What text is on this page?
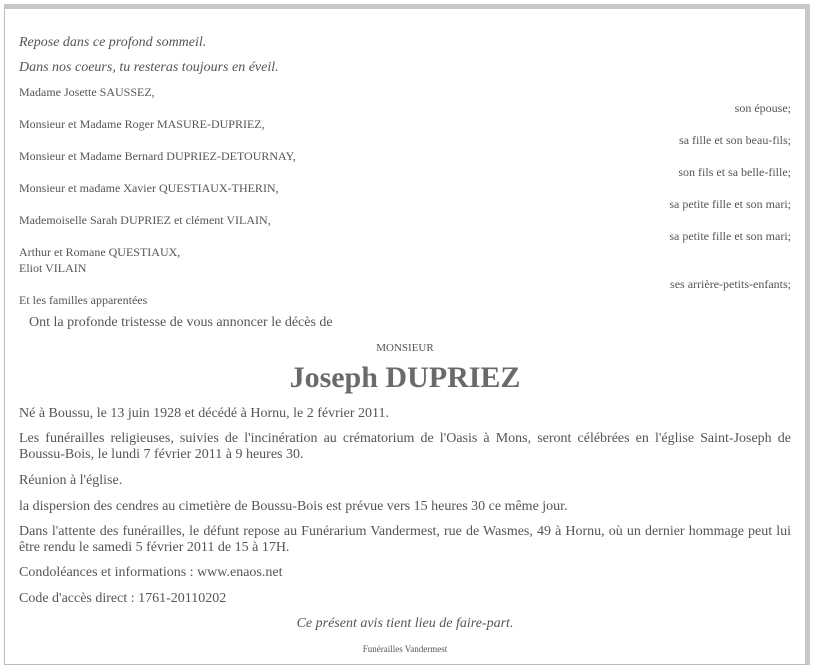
Repose dans ce profond sommeil.

Dans nos coeurs, tu resteras toujours en éveil.

Madame Josette SAUSSEZ,
son épouse;
Monsieur et Madame Roger MASURE-DUPRIEZ,
sa fille et son beau-fils;
Monsieur et Madame Bernard DUPRIEZ-DETOURNAY,
son fils et sa belle-fille;
Monsieur et madame Xavier QUESTIAUX-THERIN,
sa petite fille et son mari;
Mademoiselle Sarah DUPRIEZ et clément VILAIN,
sa petite fille et son mari;
Arthur et Romane QUESTIAUX,
Eliot VILAIN
ses arrière-petits-enfants;
Et les familles apparentées
Ont la profonde tristesse de vous annoncer le décès de
MONSIEUR
Joseph DUPRIEZ
Né à Boussu, le 13 juin 1928 et décédé à Hornu, le 2 février 2011.
Les funérailles religieuses, suivies de l'incinération au crématorium de l'Oasis à Mons, seront célébrées en l'église Saint-Joseph de Boussu-Bois, le lundi 7 février 2011 à 9 heures 30.
Réunion à l'église.
la dispersion des cendres au cimetière de Boussu-Bois est prévue vers 15 heures 30 ce même jour.
Dans l'attente des funérailles, le défunt repose au Funérarium Vandermest, rue de Wasmes, 49 à Hornu, où un dernier hommage peut lui être rendu le samedi 5 février 2011 de 15 à 17H.
Condoléances et informations : www.enaos.net
Code d'accès direct : 1761-20110202
Ce présent avis tient lieu de faire-part.
Funérailles Vandermest
